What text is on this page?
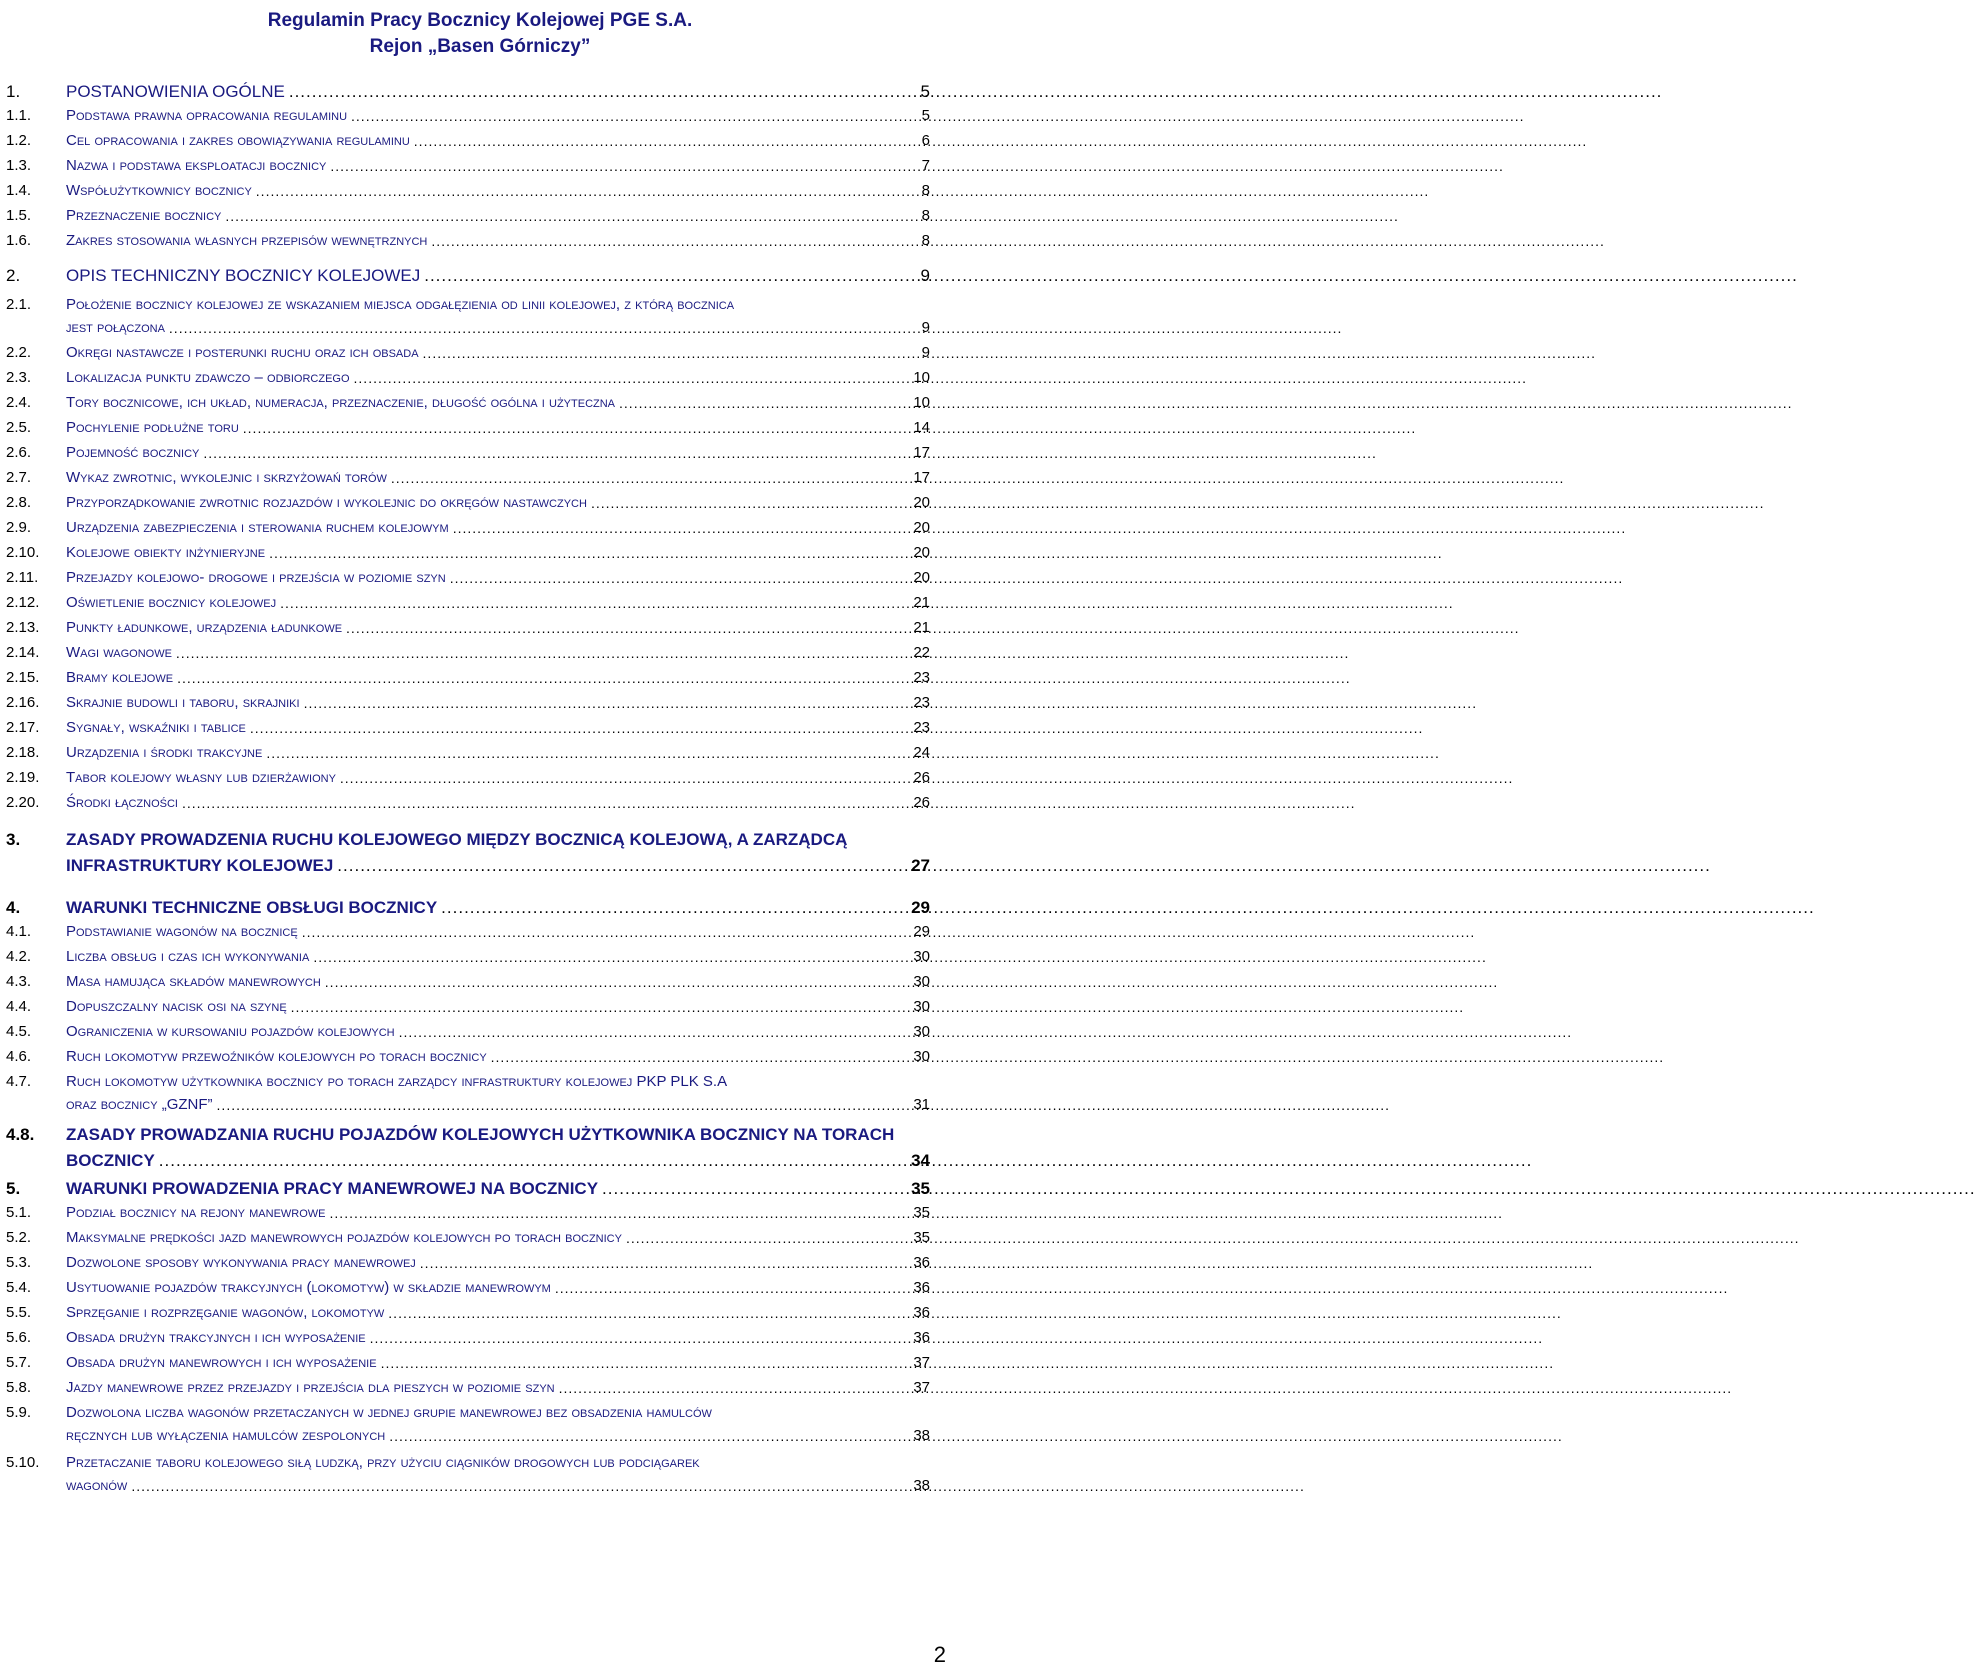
Regulamin Pracy Bocznicy Kolejowej PGE S.A.
Rejon „Basen Górniczy”
1.	POSTANOWIENIA OGÓLNE .....	5
1.1. Podstawa prawna opracowania regulaminu .....	5
1.2. Cel opracowania i zakres obowiązywania regulaminu .....	6
1.3. Nazwa i podstawa eksploatacji bocznicy .....	7
1.4. Współużytkownicy bocznicy .....	8
1.5. Przeznaczenie bocznicy .....	8
1.6. Zakres stosowania własnych przepisów wewnętrznych .....	8
2.	OPIS TECHNICZNY BOCZNICY KOLEJOWEJ .....	9
2.1. Położenie bocznicy kolejowej ze wskazaniem miejsca odgałęzienia od linii kolejowej, z którą bocznica
jest połączona .....	9
2.2. Okręgi nastawcze i posterunki ruchu oraz ich obsada .....	9
2.3. Lokalizacja punktu zdawczo – odbiorczego .....	10
2.4. Tory bocznicowe, ich układ, numeracja, przeznaczenie, długość ogólna i użyteczna .....	10
2.5. Pochylenie podłużne toru .....	14
2.6. Pojemność bocznicy .....	17
2.7. Wykaz zwrotnic, wykolejnic i skrzyżowań torów .....	17
2.8. Przyporządkowanie zwrotnic rozjazdów i wykolejnic do okręgów nastawczych .....	20
2.9. Urządzenia zabezpieczenia i sterowania ruchem kolejowym .....	20
2.10. Kolejowe obiekty inżynieryjne .....	20
2.11. Przejazdy kolejowo- drogowe i przejścia w poziomie szyn .....	20
2.12. Oświetlenie bocznicy kolejowej .....	21
2.13. Punkty ładunkowe, urządzenia ładunkowe .....	21
2.14. Wagi wagonowe .....	22
2.15. Bramy kolejowe .....	23
2.16. Skrajnie budowli i taboru, skrajniki .....	23
2.17. Sygnały, wskaźniki i tablice .....	23
2.18. Urządzenia i środki trakcyjne .....	24
2.19. Tabor kolejowy własny lub dzierżawiony .....	26
2.20. Środki łączności .....	26
3.	ZASADY PROWADZENIA RUCHU KOLEJOWEGO MIĘDZY BOCZNICĄ KOLEJOWĄ, A ZARZĄDCĄ
INFRASTRUKTURY KOLEJOWEJ .....	27
4.	WARUNKI TECHNICZNE OBSŁUGI BOCZNICY .....	29
4.1. Podstawianie wagonów na bocznicę .....	29
4.2. Liczba obsług i czas ich wykonywania .....	30
4.3. Masa hamująca składów manewrowych .....	30
4.4. Dopuszczalny nacisk osi na szynę .....	30
4.5. Ograniczenia w kursowaniu pojazdów kolejowych .....	30
4.6. Ruch lokomotyw przewoźników kolejowych po torach bocznicy .....	30
4.7. Ruch lokomotyw użytkownika bocznicy po torach zarządcy infrastruktury kolejowej PKP PLK S.A
oraz bocznicy „GZNF” .....	31
4.8. ZASADY PROWADZANIA RUCHU POJAZDÓW KOLEJOWYCH UŻYTKOWNIKA BOCZNICY NA TORACH
BOCZNICY .....	34
5.	WARUNKI PROWADZENIA PRACY MANEWROWEJ NA BOCZNICY .....	35
5.1. Podział bocznicy na rejony manewrowe .....	35
5.2. Maksymalne prędkości jazd manewrowych pojazdów kolejowych po torach bocznicy .....	35
5.3. Dozwolone sposoby wykonywania pracy manewrowej .....	36
5.4. Usytuowanie pojazdów trakcyjnych (lokomotyw) w składzie manewrowym .....	36
5.5. Sprzęganie i rozprzęganie wagonów, lokomotyw .....	36
5.6. Obsada drużyn trakcyjnych i ich wyposażenie .....	36
5.7. Obsada drużyn manewrowych i ich wyposażenie .....	37
5.8. Jazdy manewrowe przez przejazdy i przejścia dla pieszych w poziomie szyn .....	37
5.9. Dozwolona liczba wagonów przetaczanych w jednej grupie manewrowej bez obsadzenia hamulców
ręcznych lub wyłączenia hamulców zespolonych .....	38
5.10. Przetaczanie taboru kolejowego siłą ludzką, przy użyciu ciągników drogowych lub podciągarek
wagonów .....	38
2
